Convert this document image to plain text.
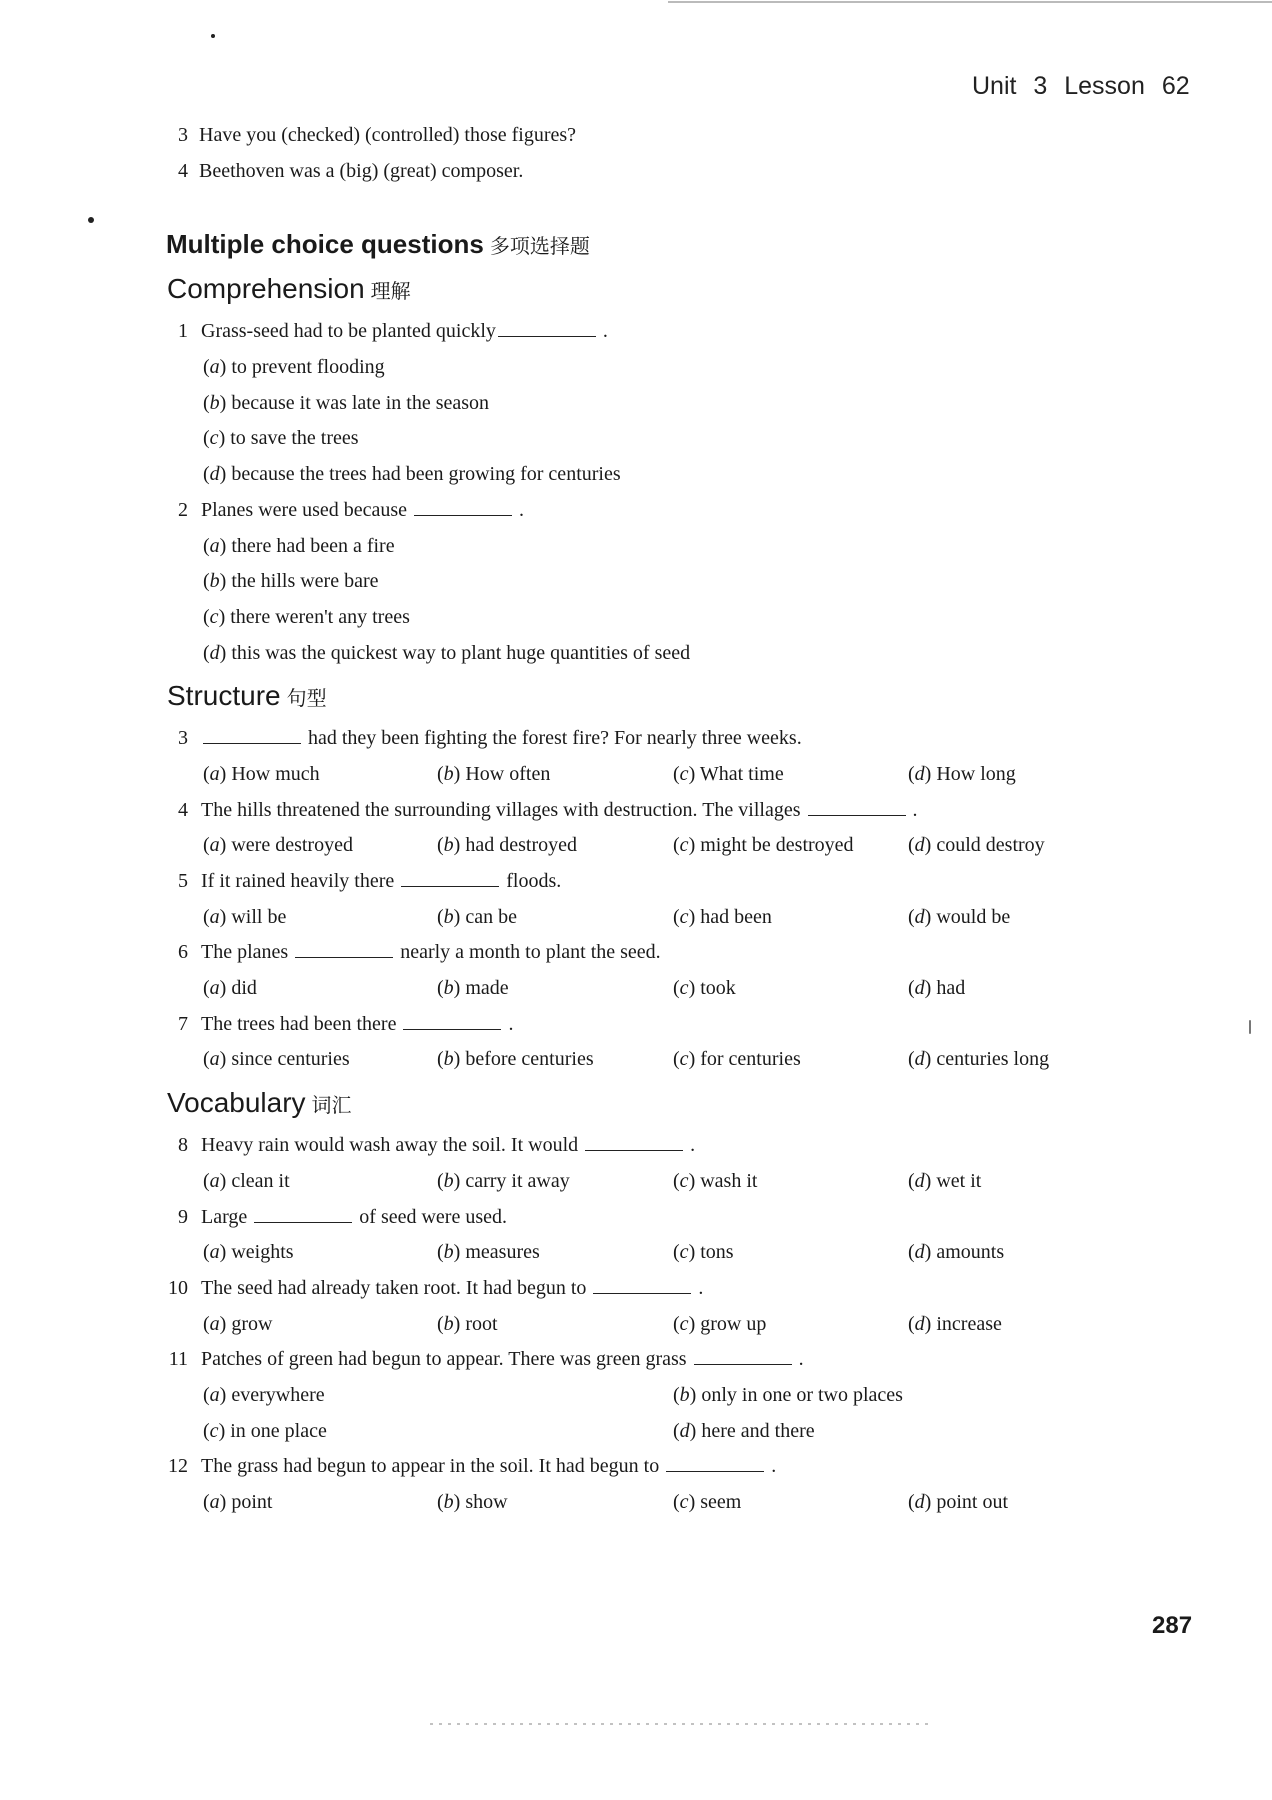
Unit 3 Lesson 62
3 Have you (checked) (controlled) those figures?
4 Beethoven was a (big) (great) composer.
Multiple choice questions 多项选择题
Comprehension 理解
1 Grass-seed had to be planted quickly	.
(a) to prevent flooding
(b) because it was late in the season
(c) to save the trees
(d) because the trees had been growing for centuries
2 Planes were used because	.
(a) there had been a fire
(b) the hills were bare
(c) there weren't any trees
(d) this was the quickest way to plant huge quantities of seed
Structure 句型
3	had they been fighting the forest fire? For nearly three weeks.
(a) How much	(b) How often	(c) What time	(d) How long
4 The hills threatened the surrounding villages with destruction. The villages	.
(a) were destroyed	(b) had destroyed	(c) might be destroyed	(d) could destroy
5 If it rained heavily there	floods.
(a) will be	(b) can be	(c) had been	(d) would be
6 The planes	nearly a month to plant the seed.
(a) did	(b) made	(c) took	(d) had
7 The trees had been there	.
(a) since centuries	(b) before centuries	(c) for centuries	(d) centuries long
Vocabulary 词汇
8 Heavy rain would wash away the soil. It would	.
(a) clean it	(b) carry it away	(c) wash it	(d) wet it
9 Large	of seed were used.
(a) weights	(b) measures	(c) tons	(d) amounts
10 The seed had already taken root. It had begun to	.
(a) grow	(b) root	(c) grow up	(d) increase
11 Patches of green had begun to appear. There was green grass	.
(a) everywhere	(b) only in one or two places
(c) in one place	(d) here and there
12 The grass had begun to appear in the soil. It had begun to	.
(a) point	(b) show	(c) seem	(d) point out
287
